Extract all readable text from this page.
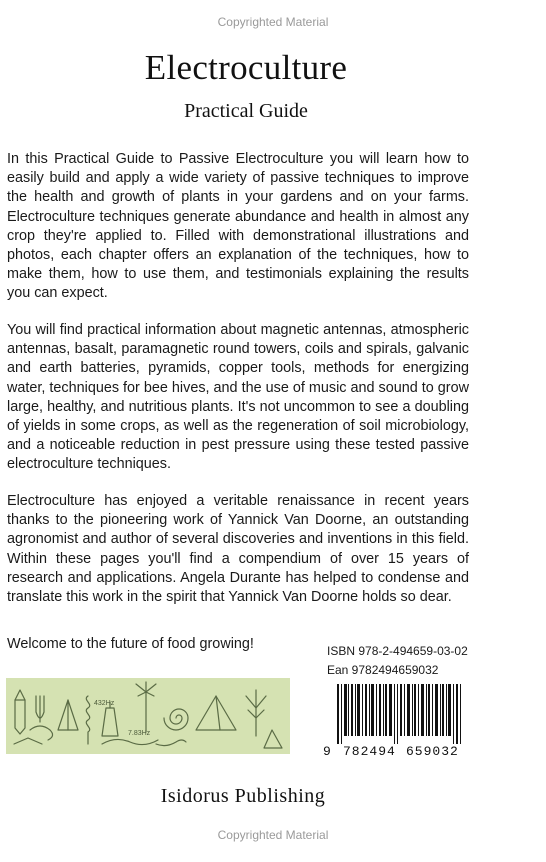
Copyrighted Material
Electroculture
Practical Guide
In this Practical Guide to Passive Electroculture you will learn how to easily build and apply a wide variety of passive techniques to improve the health and growth of plants in your gardens and on your farms. Electroculture techniques generate abundance and health in almost any crop they're applied to. Filled with demonstrational illustrations and photos, each chapter offers an explanation of the techniques, how to make them, how to use them, and testimonials explaining the results you can expect.
You will find practical information about magnetic antennas, atmospheric antennas, basalt, paramagnetic round towers, coils and spirals, galvanic and earth batteries, pyramids, copper tools, methods for energizing water, techniques for bee hives, and the use of music and sound to grow large, healthy, and nutritious plants. It's not uncommon to see a doubling of yields in some crops, as well as the regeneration of soil microbiology, and a noticeable reduction in pest pressure using these tested passive electroculture techniques.
Electroculture has enjoyed a veritable renaissance in recent years thanks to the pioneering work of Yannick Van Doorne, an outstanding agronomist and author of several discoveries and inventions in this field. Within these pages you'll find a compendium of over 15 years of research and applications. Angela Durante has helped to condense and translate this work in the spirit that Yannick Van Doorne holds so dear.
Welcome to the future of food growing!	ISBN 978-2-494659-03-02
Ean 9782494659032
432Hz
7.83Hz
9 782494 659032
Isidorus Publishing
Copyrighted Material
